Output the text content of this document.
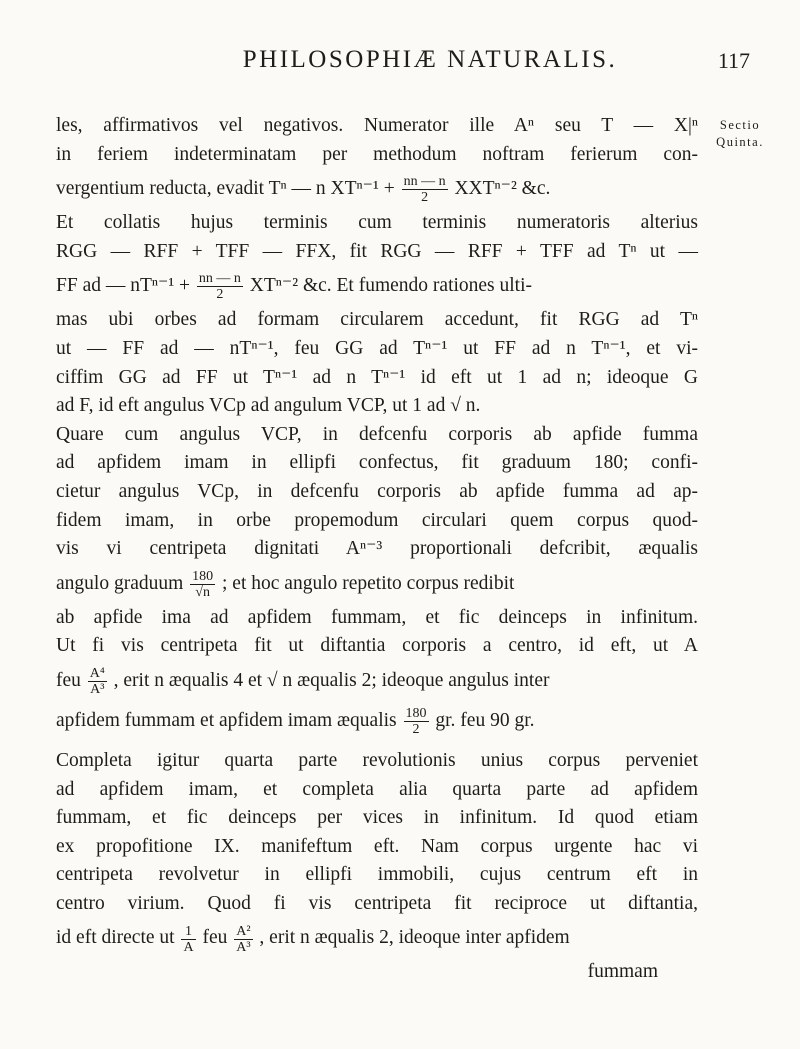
PHILOSOPHIÆ NATURALIS.	117
Sectio
Quinta.
les, affirmativos vel negativos. Numerator ille Aⁿ seu T — X|ⁿ
in feriem indeterminatam per methodum noftram ferierum con-
vergentium reducta, evadit Tⁿ — n $XT^{n-1} + \frac{nn — n}{2} XXT^{n-2}$ &c.
Et collatis hujus terminis cum terminis numeratoris alterius
RGG — RFF + TFF — FFX, fit RGG — RFF + TFF ad Tⁿ ut —
FF ad — $nT^{n-1} + \frac{nn — n}{2} XT^{n-2}$ &c. Et fumendo rationes ulti-
mas ubi orbes ad formam circularem accedunt, fit RGG ad Tⁿ
ut — FF ad — nTⁿ⁻¹, feu GG ad Tⁿ⁻¹ ut FF ad n Tⁿ⁻¹, et vi-
ciffim GG ad FF ut Tⁿ⁻¹ ad n Tⁿ⁻¹ id eft ut 1 ad n; ideoque G
ad F, id eft angulus VCp ad angulum VCP, ut 1 ad √ n.
Quare cum angulus VCP, in defcenfu corporis ab apfide fumma
ad apfidem imam in ellipfi confectus, fit graduum 180; confi-
cietur angulus VCp, in defcenfu corporis ab apfide fumma ad ap-
fidem imam, in orbe propemodum circulari quem corpus quod-
vis vi centripeta dignitati Aⁿ⁻³ proportionali defcribit, æqualis
angulo graduum $\frac{180}{√n}$ ; et hoc angulo repetito corpus redibit
ab apfide ima ad apfidem fummam, et fic deinceps in infinitum.
Ut fi vis centripeta fit ut diftantia corporis a centro, id eft, ut A
feu $\frac{\text{A⁴}}{\text{A³}}$ , erit n æqualis 4 et √ n æqualis 2; ideoque angulus inter
apfidem fummam et apfidem imam æqualis $\frac{180}{2}$ gr. feu 90 gr.
Completa igitur quarta parte revolutionis unius corpus perveniet
ad apfidem imam, et completa alia quarta parte ad apfidem
fummam, et fic deinceps per vices in infinitum. Id quod etiam
ex propofitione IX. manifeftum eft. Nam corpus urgente hac vi
centripeta revolvetur in ellipfi immobili, cujus centrum eft in
centro virium. Quod fi vis centripeta fit reciproce ut diftantia,
id eft directe ut $\frac{1}{A}$ feu $\frac{\text{A²}}{\text{A³}}$ , erit n æqualis 2, ideoque inter apfidem
fummam
